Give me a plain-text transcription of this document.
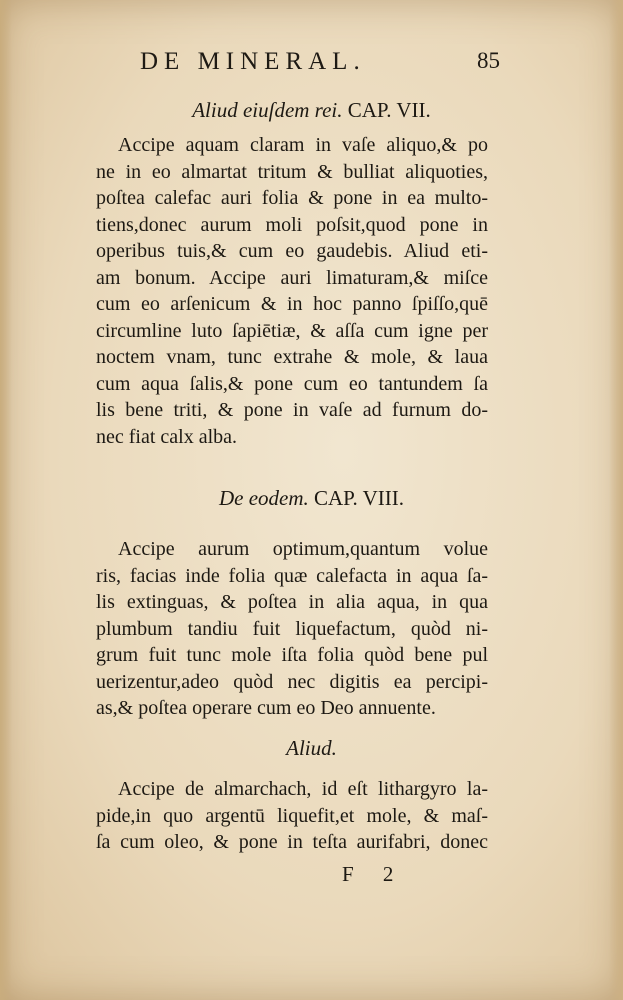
DE MINERAL.	85
Aliud eiuſdem rei. CAP. VII.
Accipe aquam claram in vaſe aliquo,& po
ne in eo almartat tritum & bulliat aliquoties,
poſtea calefac auri folia & pone in ea multo-
tiens,donec aurum moli poſsit,quod pone in
operibus tuis,& cum eo gaudebis. Aliud eti-
am bonum. Accipe auri limaturam,& miſce
cum eo arſenicum & in hoc panno ſpiſſo,quē
circumline luto ſapiētiæ, & aſſa cum igne per
noctem vnam, tunc extrahe & mole, & laua
cum aqua ſalis,& pone cum eo tantundem ſa
lis bene triti, & pone in vaſe ad furnum do-
nec fiat calx alba.
De eodem. CAP. VIII.
Accipe aurum optimum,quantum volue
ris, facias inde folia quæ calefacta in aqua ſa-
lis extinguas, & poſtea in alia aqua, in qua
plumbum tandiu fuit liquefactum, quòd ni-
grum fuit tunc mole iſta folia quòd bene pul
uerizentur,adeo quòd nec digitis ea percipi-
as,& poſtea operare cum eo Deo annuente.
Aliud.
Accipe de almarchach, id eſt lithargyro la-
pide,in quo argentū liquefit,et mole, & maſ-
ſa cum oleo, & pone in teſta aurifabri, donec
F 2
